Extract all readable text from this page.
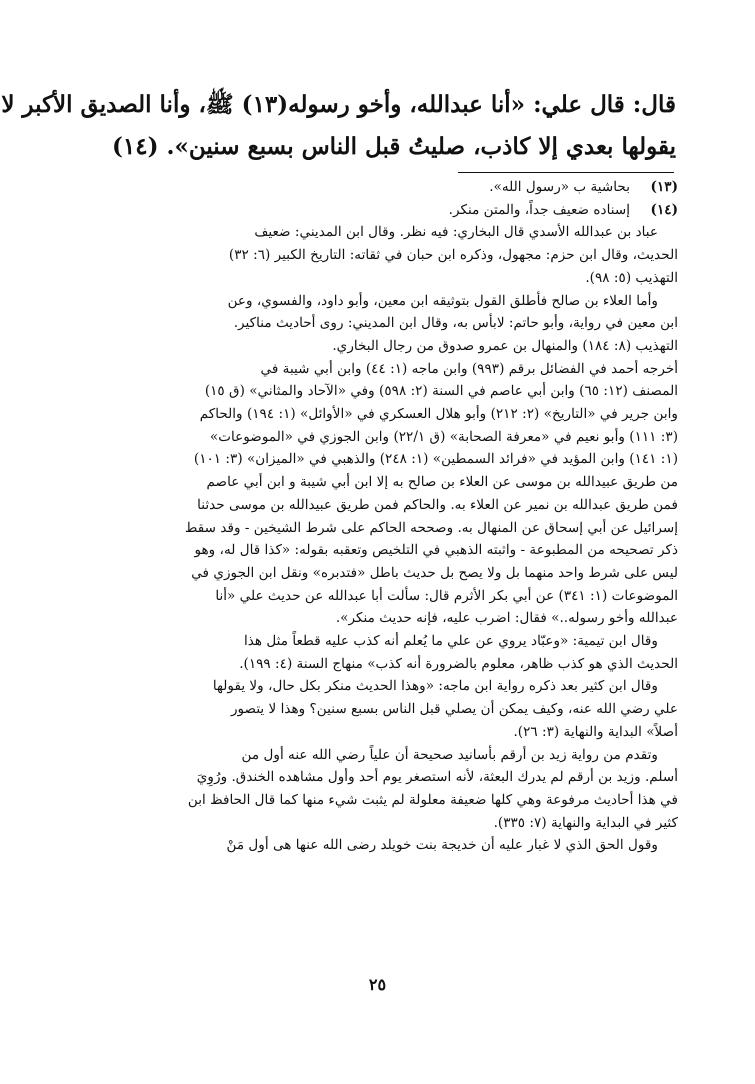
قال: قال علي: «أنا عبدالله، وأخو رسوله(١٣) ﷺ، وأنا الصديق الأكبر لا
يقولها بعدي إلا كاذب، صليتُ قبل الناس بسبع سنين». (١٤)
(١٣)
بحاشية ب «رسول الله».
(١٤)
إسناده ضعيف جداً، والمتن منكر.

عباد بن عبدالله الأسدي قال البخاري: فيه نظر. وقال ابن المديني: ضعيف
الحديث، وقال ابن حزم: مجهول، وذكره ابن حبان في ثقاته: التاريخ الكبير (٦: ٣٢)
التهذيب (٥: ٩٨).

وأما العلاء بن صالح فأطلق القول بتوثيقه ابن معين، وأبو داود، والفسوي، وعن
ابن معين في رواية، وأبو حاتم: لابأس به، وقال ابن المديني: روى أحاديث مناكير.
التهذيب (٨: ١٨٤) والمنهال بن عمرو صدوق من رجال البخاري.

أخرجه أحمد في الفضائل برقم (٩٩٣) وابن ماجه (١: ٤٤) وابن أبي شيبة في
المصنف (١٢: ٦٥) وابن أبي عاصم في السنة (٢: ٥٩٨) وفي «الآحاد والمثاني» (ق ١٥)
وابن جرير في «التاريخ» (٢: ٢١٢) وأبو هلال العسكري في «الأوائل» (١: ١٩٤) والحاكم
(٣: ١١١) وأبو نعيم في «معرفة الصحابة» (ق ٢٢/١) وابن الجوزي في «الموضوعات»
(١: ١٤١) وابن المؤيد في «فرائد السمطين» (١: ٢٤٨) والذهبي في «الميزان» (٣: ١٠١)
من طريق عبيدالله بن موسى عن العلاء بن صالح به إلا ابن أبي شيبة و ابن أبي عاصم
فمن طريق عبدالله بن نمير عن العلاء به. والحاكم فمن طريق عبيدالله بن موسى حدثنا
إسرائيل عن أبي إسحاق عن المنهال به. وصححه الحاكم على شرط الشيخين - وقد سقط
ذكر تصحيحه من المطبوعة - واثبته الذهبي في التلخيص وتعقبه بقوله: «كذا قال له، وهو
ليس على شرط واحد منهما بل ولا يصح بل حديث باطل «فتدبره» ونقل ابن الجوزي في
الموضوعات (١: ٣٤١) عن أبي بكر الأثرم قال: سألت أبا عبدالله عن حديث علي «أنا
عبدالله وأخو رسوله..» فقال: اضرب عليه، فإنه حديث منكر».

وقال ابن تيمية: «وعبّاد يروي عن علي ما يُعلم أنه كذب عليه قطعاً مثل هذا
الحديث الذي هو كذب ظاهر، معلوم بالضرورة أنه كذب» منهاج السنة (٤: ١٩٩).

وقال ابن كثير بعد ذكره رواية ابن ماجه: «وهذا الحديث منكر بكل حال، ولا يقولها
علي رضي الله عنه، وكيف يمكن أن يصلي قبل الناس بسبع سنين؟ وهذا لا يتصور
أصلاً» البداية والنهاية (٣: ٢٦).

وتقدم من رواية زيد بن أرقم بأسانيد صحيحة أن علياً رضي الله عنه أول من
أسلم. وزيد بن أرقم لم يدرك البعثة، لأنه استصغر يوم أحد وأول مشاهده الخندق. ورُوِيَ
في هذا أحاديث مرفوعة وهي كلها ضعيفة معلولة لم يثبت شيء منها كما قال الحافظ ابن
كثير في البداية والنهاية (٧: ٣٣٥).

وقول الحق الذي لا غبار عليه أن خديجة بنت خويلد رضى الله عنها هى أول مَنْ

٢٥
